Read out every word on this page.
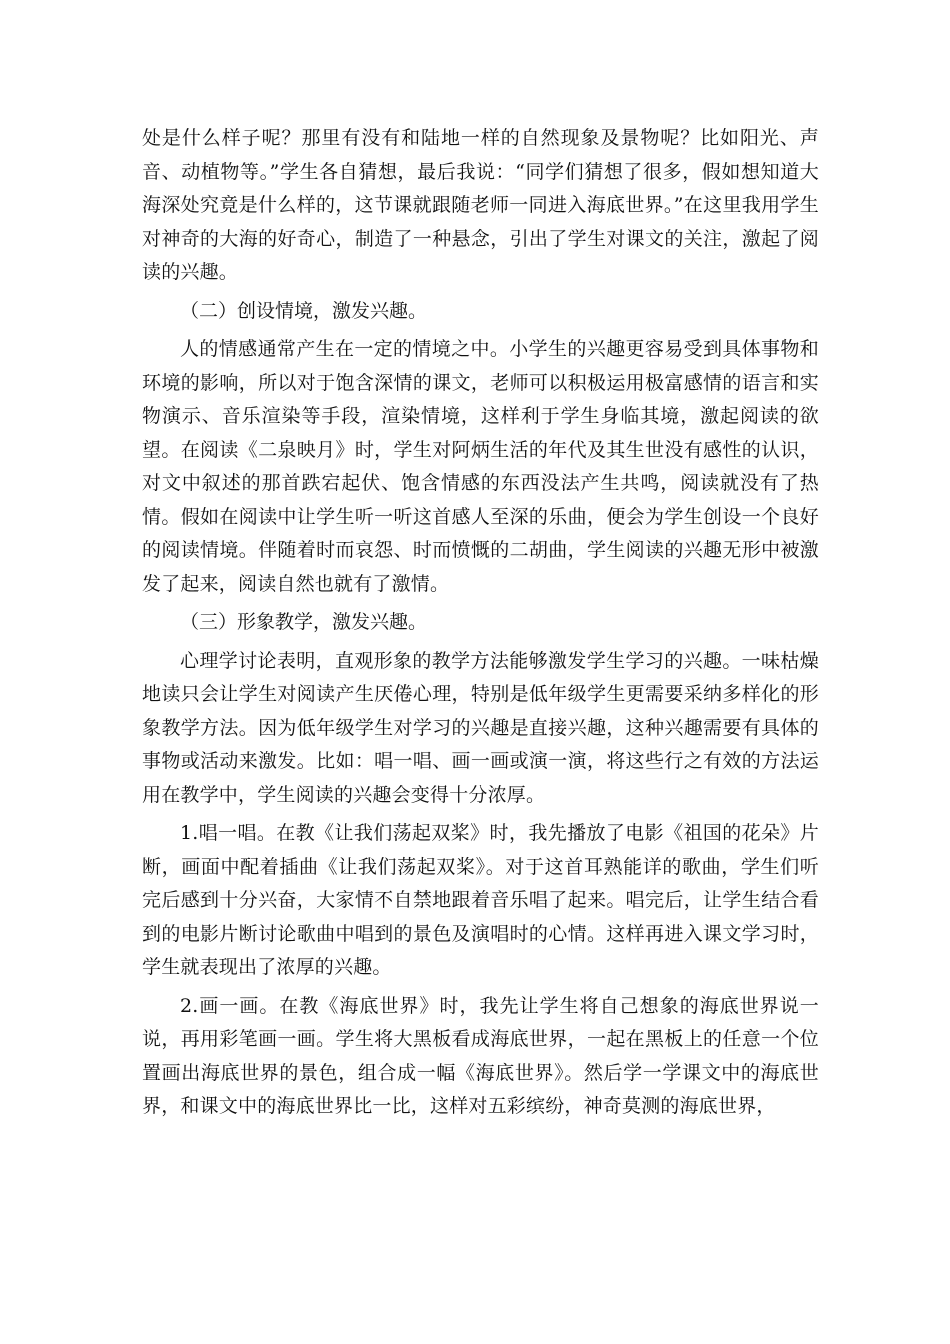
处是什么样子呢？那里有没有和陆地一样的自然现象及景物呢？比如阳光、声音、动植物等。”学生各自猜想，最后我说：“同学们猜想了很多，假如想知道大海深处究竟是什么样的，这节课就跟随老师一同进入海底世界。”在这里我用学生对神奇的大海的好奇心，制造了一种悬念，引出了学生对课文的关注，激起了阅读的兴趣。

（二）创设情境，激发兴趣。

人的情感通常产生在一定的情境之中。小学生的兴趣更容易受到具体事物和环境的影响，所以对于饱含深情的课文，老师可以积极运用极富感情的语言和实物演示、音乐渲染等手段，渲染情境，这样利于学生身临其境，激起阅读的欲望。在阅读《二泉映月》时，学生对阿炳生活的年代及其生世没有感性的认识，对文中叙述的那首跌宕起伏、饱含情感的东西没法产生共鸣，阅读就没有了热情。假如在阅读中让学生听一听这首感人至深的乐曲，便会为学生创设一个良好的阅读情境。伴随着时而哀怨、时而愤慨的二胡曲，学生阅读的兴趣无形中被激发了起来，阅读自然也就有了激情。

（三）形象教学，激发兴趣。

心理学讨论表明，直观形象的教学方法能够激发学生学习的兴趣。一味枯燥地读只会让学生对阅读产生厌倦心理，特别是低年级学生更需要采纳多样化的形象教学方法。因为低年级学生对学习的兴趣是直接兴趣，这种兴趣需要有具体的事物或活动来激发。比如：唱一唱、画一画或演一演，将这些行之有效的方法运用在教学中，学生阅读的兴趣会变得十分浓厚。

1.唱一唱。在教《让我们荡起双桨》时，我先播放了电影《祖国的花朵》片断，画面中配着插曲《让我们荡起双桨》。对于这首耳熟能详的歌曲，学生们听完后感到十分兴奋，大家情不自禁地跟着音乐唱了起来。唱完后，让学生结合看到的电影片断讨论歌曲中唱到的景色及演唱时的心情。这样再进入课文学习时，学生就表现出了浓厚的兴趣。

2.画一画。在教《海底世界》时，我先让学生将自己想象的海底世界说一说，再用彩笔画一画。学生将大黑板看成海底世界，一起在黑板上的任意一个位置画出海底世界的景色，组合成一幅《海底世界》。然后学一学课文中的海底世界，和课文中的海底世界比一比，这样对五彩缤纷，神奇莫测的海底世界，
